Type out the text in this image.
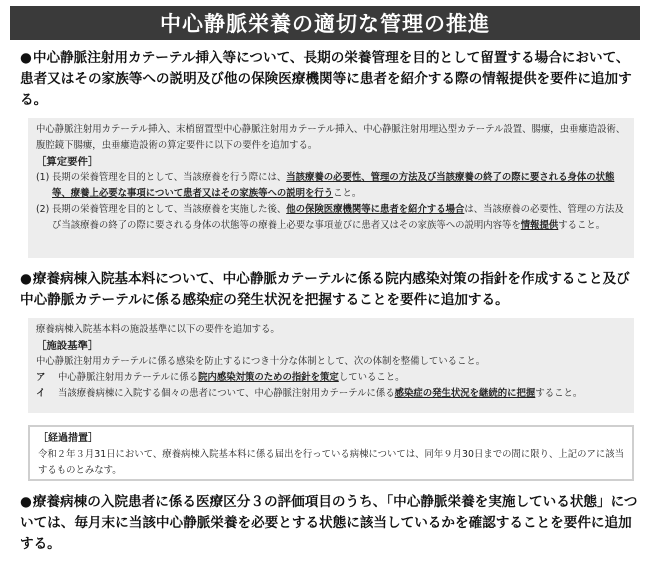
中心静脈栄養の適切な管理の推進
●中心静脈注射用カテーテル挿入等について、長期の栄養管理を目的として留置する場合において、患者又はその家族等への説明及び他の保険医療機関等に患者を紹介する際の情報提供を要件に追加する。

中心静脈注射用カテーテル挿入、末梢留置型中心静脈注射用カテーテル挿入、中心静脈注射用埋込型カテーテル設置、腸瘻，虫垂瘻造設術、腹腔鏡下腸瘻，虫垂瘻造設術の算定要件に以下の要件を追加する。

［算定要件］

(1) 長期の栄養管理を目的として、当該療養を行う際には、当該療養の必要性、管理の方法及び当該療養の終了の際に要される身体の状態等、療養上必要な事項について患者又はその家族等への説明を行うこと。
(2) 長期の栄養管理を目的として、当該療養を実施した後、他の保険医療機関等に患者を紹介する場合は、当該療養の必要性、管理の方法及び当該療養の終了の際に要される身体の状態等の療養上必要な事項並びに患者又はその家族等への説明内容等を情報提供すること。
●療養病棟入院基本料について、中心静脈カテーテルに係る院内感染対策の指針を作成すること及び中心静脈カテーテルに係る感染症の発生状況を把握することを要件に追加する。

療養病棟入院基本料の施設基準に以下の要件を追加する。

［施設基準］

中心静脈注射用カテーテルに係る感染を防止するにつき十分な体制として、次の体制を整備していること。

ア 中心静脈注射用カテーテルに係る院内感染対策のための指針を策定していること。

イ 当該療養病棟に入院する個々の患者について、中心静脈注射用カテーテルに係る感染症の発生状況を継続的に把握すること。

［経過措置］

令和２年３月31日において、療養病棟入院基本料に係る届出を行っている病棟については、同年９月30日までの間に限り、上記のアに該当するものとみなす。

●療養病棟の入院患者に係る医療区分３の評価項目のうち、「中心静脈栄養を実施している状態」については、毎月末に当該中心静脈栄養を必要とする状態に該当しているかを確認することを要件に追加する。
